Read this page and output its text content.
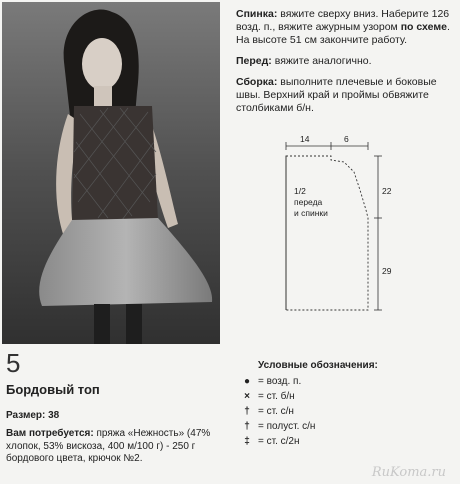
Спинка: вяжите сверху вниз. Наберите 126 возд. п., вяжите ажурным узором по схеме. На высоте 51 см закончите работу.

Перед: вяжите аналогично.

Сборка: выполните плечевые и боковые швы. Верхний край и проймы обвяжите столбиками б/н.

14	6
22
29
1/2
переда
и спинки
5
Бордовый топ
Размер: 38
Вам потребуется: пряжа «Нежность» (47% хлопок, 53% вискоза, 400 м/100 г) - 250 г бордового цвета, крючок №2.
Условные обозначения:
● = возд. п.
× = ст. б/н
† = ст. с/н
† = полуст. с/н
‡ = ст. с/2н
RuKoma.ru
